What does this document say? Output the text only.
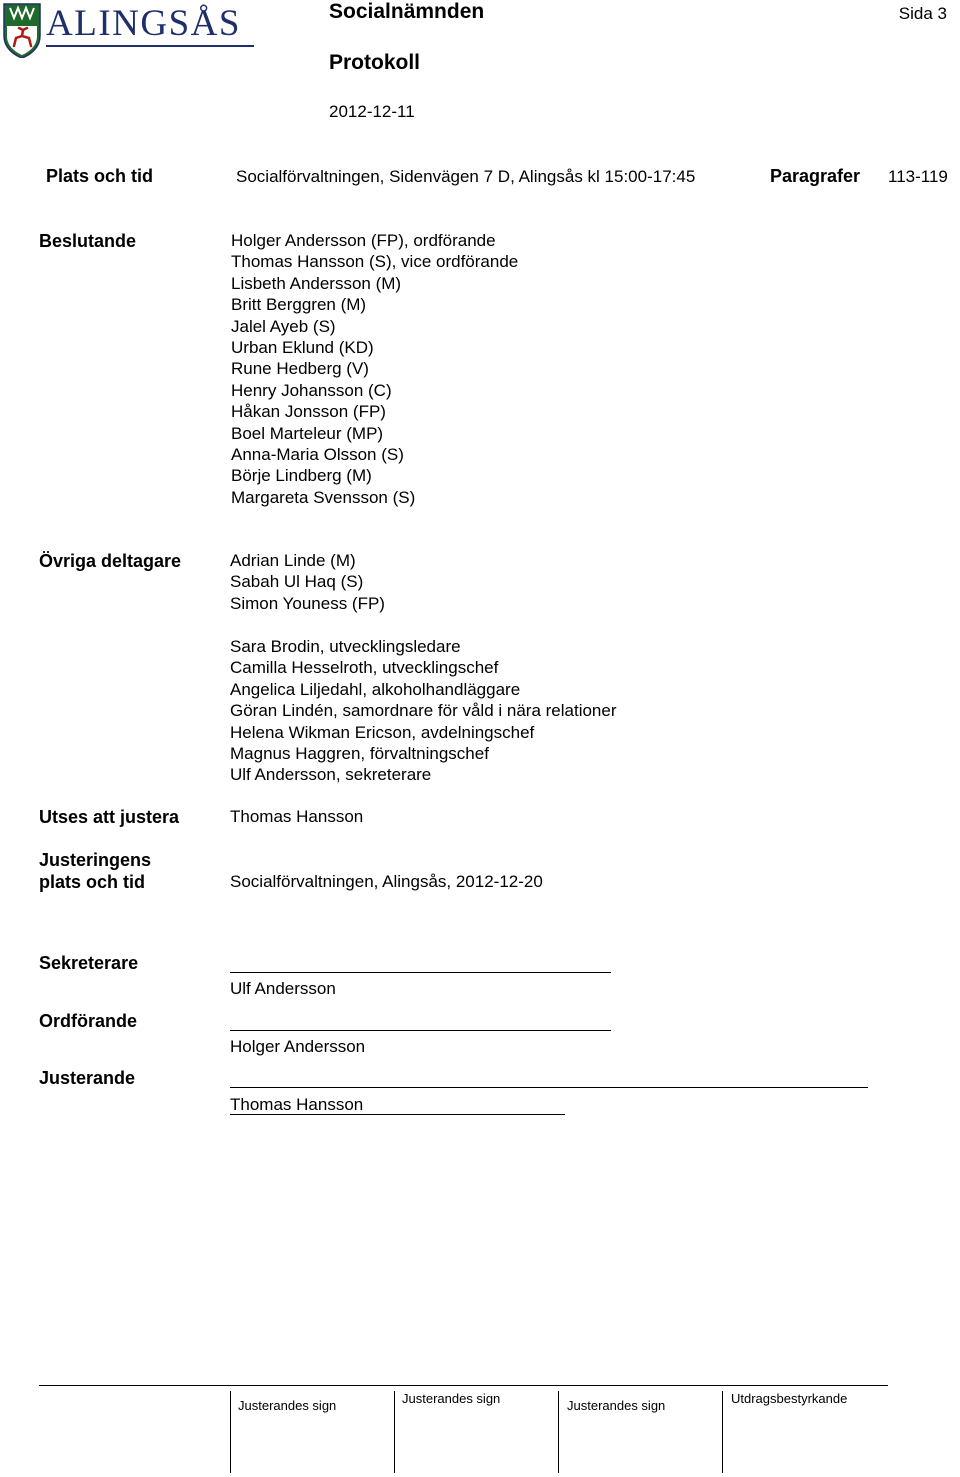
ALINGSÅS	Socialnämnden
Protokoll
2012-12-11
Sida 3
Plats och tid	Socialförvaltningen, Sidenvägen 7 D, Alingsås kl 15:00-17:45	Paragrafer 113-119
Beslutande	Holger Andersson (FP), ordförande
Thomas Hansson (S), vice ordförande
Lisbeth Andersson (M)
Britt Berggren (M)
Jalel Ayeb (S)
Urban Eklund (KD)
Rune Hedberg (V)
Henry Johansson (C)
Håkan Jonsson (FP)
Boel Marteleur (MP)
Anna-Maria Olsson (S)
Börje Lindberg (M)
Margareta Svensson (S)
Övriga deltagare	Adrian Linde (M)
Sabah Ul Haq (S)
Simon Youness (FP)
Sara Brodin, utvecklingsledare
Camilla Hesselroth, utvecklingschef
Angelica Liljedahl, alkoholhandläggare
Göran Lindén, samordnare för våld i nära relationer
Helena Wikman Ericson, avdelningschef
Magnus Haggren, förvaltningschef
Ulf Andersson, sekreterare
Utses att justera	Thomas Hansson
Justeringens
plats och tid	Socialförvaltningen, Alingsås, 2012-12-20
Sekreterare
Ulf Andersson
Ordförande
Holger Andersson
Justerande
Thomas Hansson
Justerandes sign	Justerandes sign	Justerandes sign	Utdragsbestyrkande
